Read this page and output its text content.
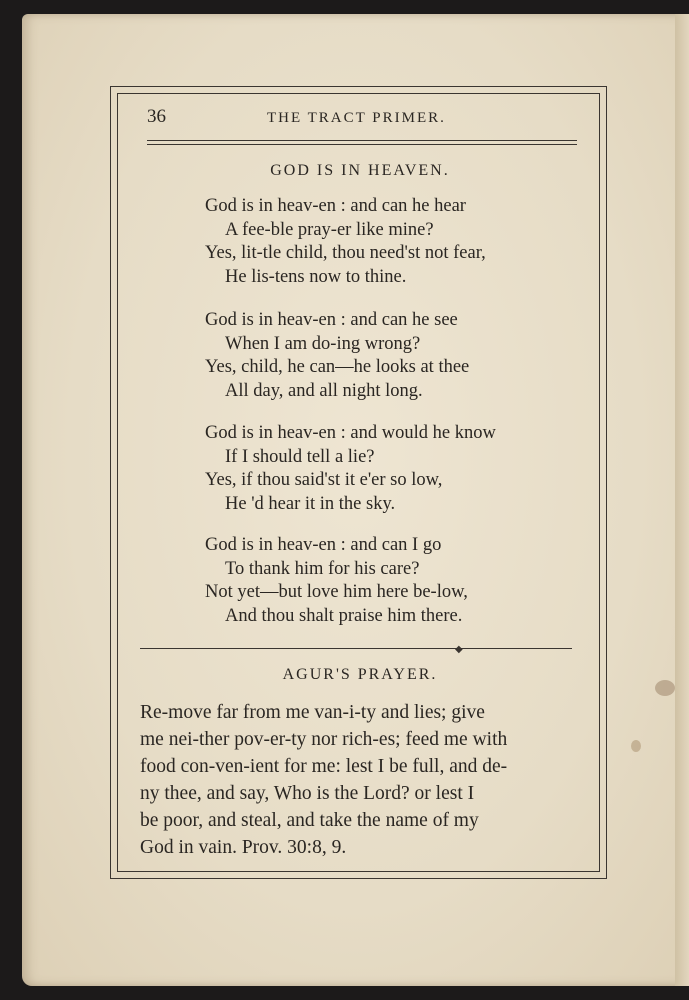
36	THE TRACT PRIMER.
GOD IS IN HEAVEN.
God is in heav-en : and can he hear
A fee-ble pray-er like mine?
Yes, lit-tle child, thou need'st not fear,
He lis-tens now to thine.
God is in heav-en : and can he see
When I am do-ing wrong?
Yes, child, he can—he looks at thee
All day, and all night long.
God is in heav-en : and would he know
If I should tell a lie?
Yes, if thou said'st it e'er so low,
He 'd hear it in the sky.
God is in heav-en : and can I go
To thank him for his care?
Not yet—but love him here be-low,
And thou shalt praise him there.
◆
AGUR'S PRAYER.
Re-move far from me van-i-ty and lies; give
me nei-ther pov-er-ty nor rich-es; feed me with
food con-ven-ient for me: lest I be full, and de-
ny thee, and say, Who is the Lord? or lest I
be poor, and steal, and take the name of my
God in vain. Prov. 30:8, 9.
